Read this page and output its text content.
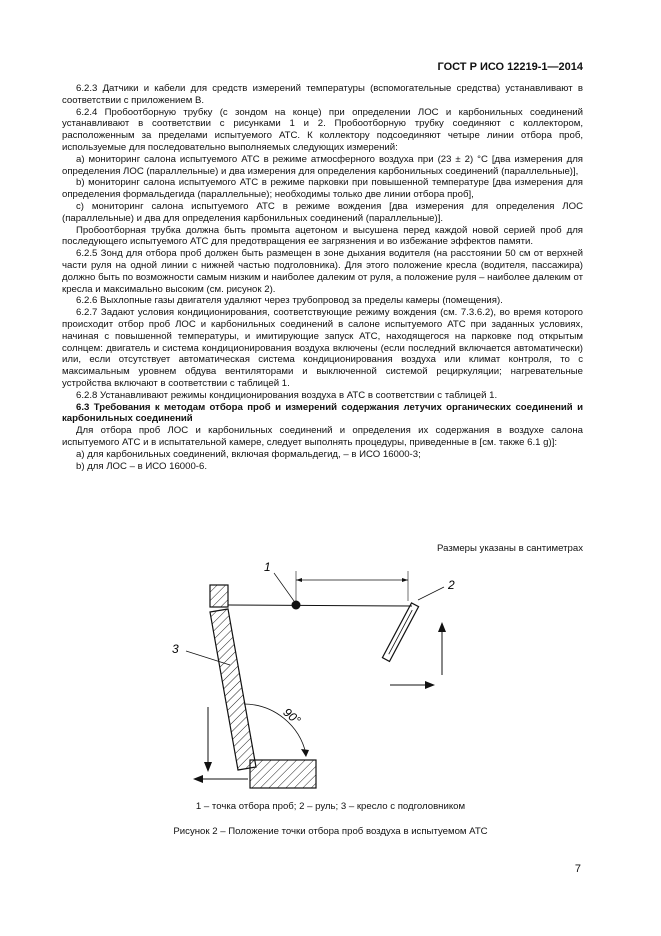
ГОСТ Р ИСО 12219-1—2014

6.2.3 Датчики и кабели для средств измерений температуры (вспомогательные средства) устанавливают в соответствии с приложением В.

6.2.4 Пробоотборную трубку (с зондом на конце) при определении ЛОС и карбонильных соединений устанавливают в соответствии с рисунками 1 и 2. Пробоотборную трубку соединяют с коллектором, расположенным за пределами испытуемого АТС. К коллектору подсоединяют четыре линии отбора проб, используемые для последовательно выполняемых следующих измерений:

a) мониторинг салона испытуемого АТС в режиме атмосферного воздуха при (23 ± 2) °С [два измерения для определения ЛОС (параллельные) и два измерения для определения карбонильных соединений (параллельные)],

b) мониторинг салона испытуемого АТС в режиме парковки при повышенной температуре [два измерения для определения формальдегида (параллельные); необходимы только две линии отбора проб],

c) мониторинг салона испытуемого АТС в режиме вождения [два измерения для определения ЛОС (параллельные) и два для определения карбонильных соединений (параллельные)].

Пробоотборная трубка должна быть промыта ацетоном и высушена перед каждой новой серией проб для последующего испытуемого АТС для предотвращения ее загрязнения и во избежание эффектов памяти.

6.2.5 Зонд для отбора проб должен быть размещен в зоне дыхания водителя (на расстоянии 50 см от верхней части руля на одной линии с нижней частью подголовника). Для этого положение кресла (водителя, пассажира) должно быть по возможности самым низким и наиболее далеким от руля, а положение руля – наиболее далеким от кресла и максимально высоким (см. рисунок 2).

6.2.6 Выхлопные газы двигателя удаляют через трубопровод за пределы камеры (помещения).

6.2.7 Задают условия кондиционирования, соответствующие режиму вождения (см. 7.3.6.2), во время которого происходит отбор проб ЛОС и карбонильных соединений в салоне испытуемого АТС при заданных условиях, начиная с повышенной температуры, и имитирующие запуск АТС, находящегося на парковке под открытым солнцем: двигатель и система кондиционирования воздуха включены (если последний включается автоматически) или, если отсутствует автоматическая система кондиционирования воздуха или климат контроля, то с максимальным уровнем обдува вентиляторами и выключенной системой рециркуляции; нагревательные устройства включают в соответствии с таблицей 1.

6.2.8 Устанавливают режимы кондиционирования воздуха в АТС в соответствии с таблицей 1.

6.3 Требования к методам отбора проб и измерений содержания летучих органических соединений и карбонильных соединений

Для отбора проб ЛОС и карбонильных соединений и определения их содержания в воздухе салона испытуемого АТС и в испытательной камере, следует выполнять процедуры, приведенные в [см. также 6.1 g)]:

a) для карбонильных соединений, включая формальдегид, – в ИСО 16000-3;

b) для ЛОС – в ИСО 16000-6.

Размеры указаны в сантиметрах
1
2
3
90°
1 – точка отбора проб; 2 – руль; 3 – кресло с подголовником
Рисунок 2 – Положение точки отбора проб воздуха в испытуемом АТС
7
